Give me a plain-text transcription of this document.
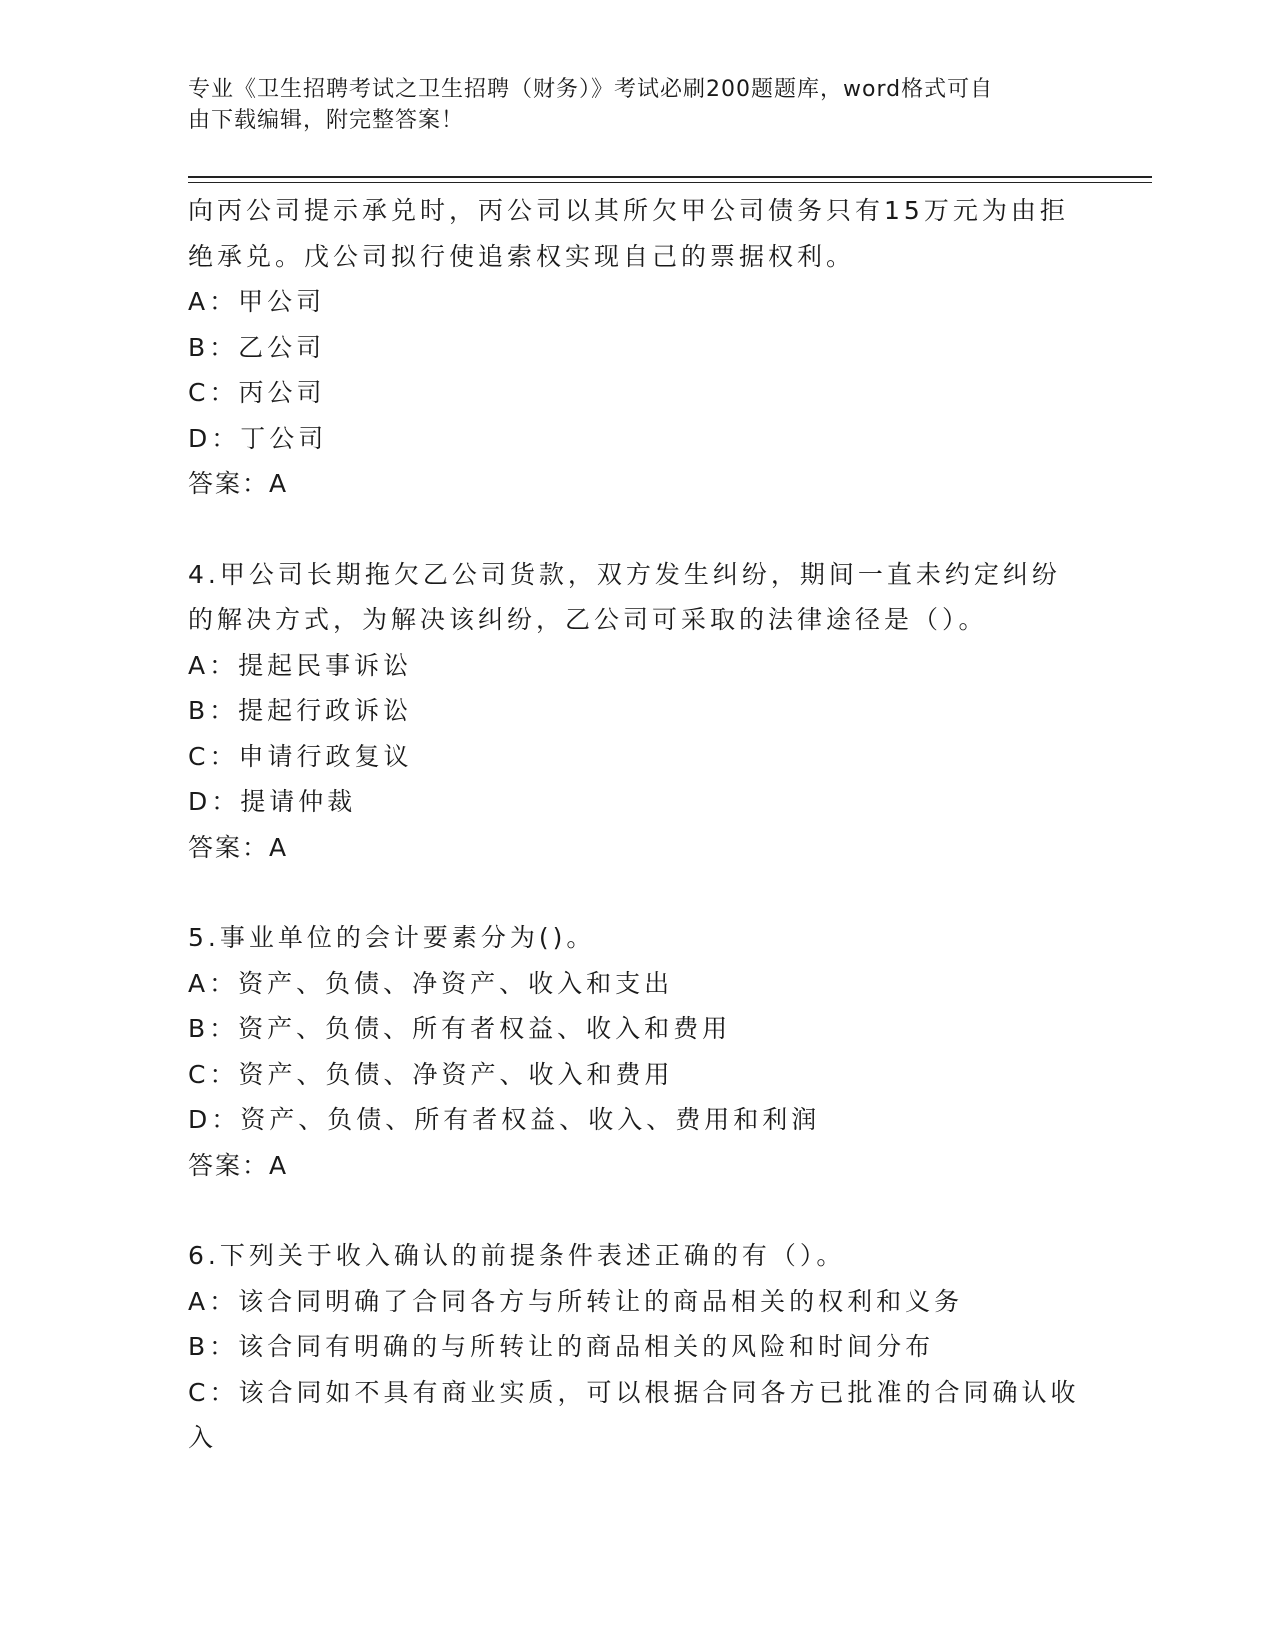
专业《卫生招聘考试之卫生招聘（财务）》考试必刷200题题库，word格式可自
由下载编辑，附完整答案！
向丙公司提示承兑时，丙公司以其所欠甲公司债务只有15万元为由拒
绝承兑。戊公司拟行使追索权实现自己的票据权利。
A：甲公司
B：乙公司
C：丙公司
D：丁公司
答案：A
4.甲公司长期拖欠乙公司货款，双方发生纠纷，期间一直未约定纠纷
的解决方式，为解决该纠纷，乙公司可采取的法律途径是（）。
A：提起民事诉讼
B：提起行政诉讼
C：申请行政复议
D：提请仲裁
答案：A
5.事业单位的会计要素分为()。
A：资产、负债、净资产、收入和支出
B：资产、负债、所有者权益、收入和费用
C：资产、负债、净资产、收入和费用
D：资产、负债、所有者权益、收入、费用和利润
答案：A
6.下列关于收入确认的前提条件表述正确的有（）。
A：该合同明确了合同各方与所转让的商品相关的权利和义务
B：该合同有明确的与所转让的商品相关的风险和时间分布
C：该合同如不具有商业实质，可以根据合同各方已批准的合同确认收
入
